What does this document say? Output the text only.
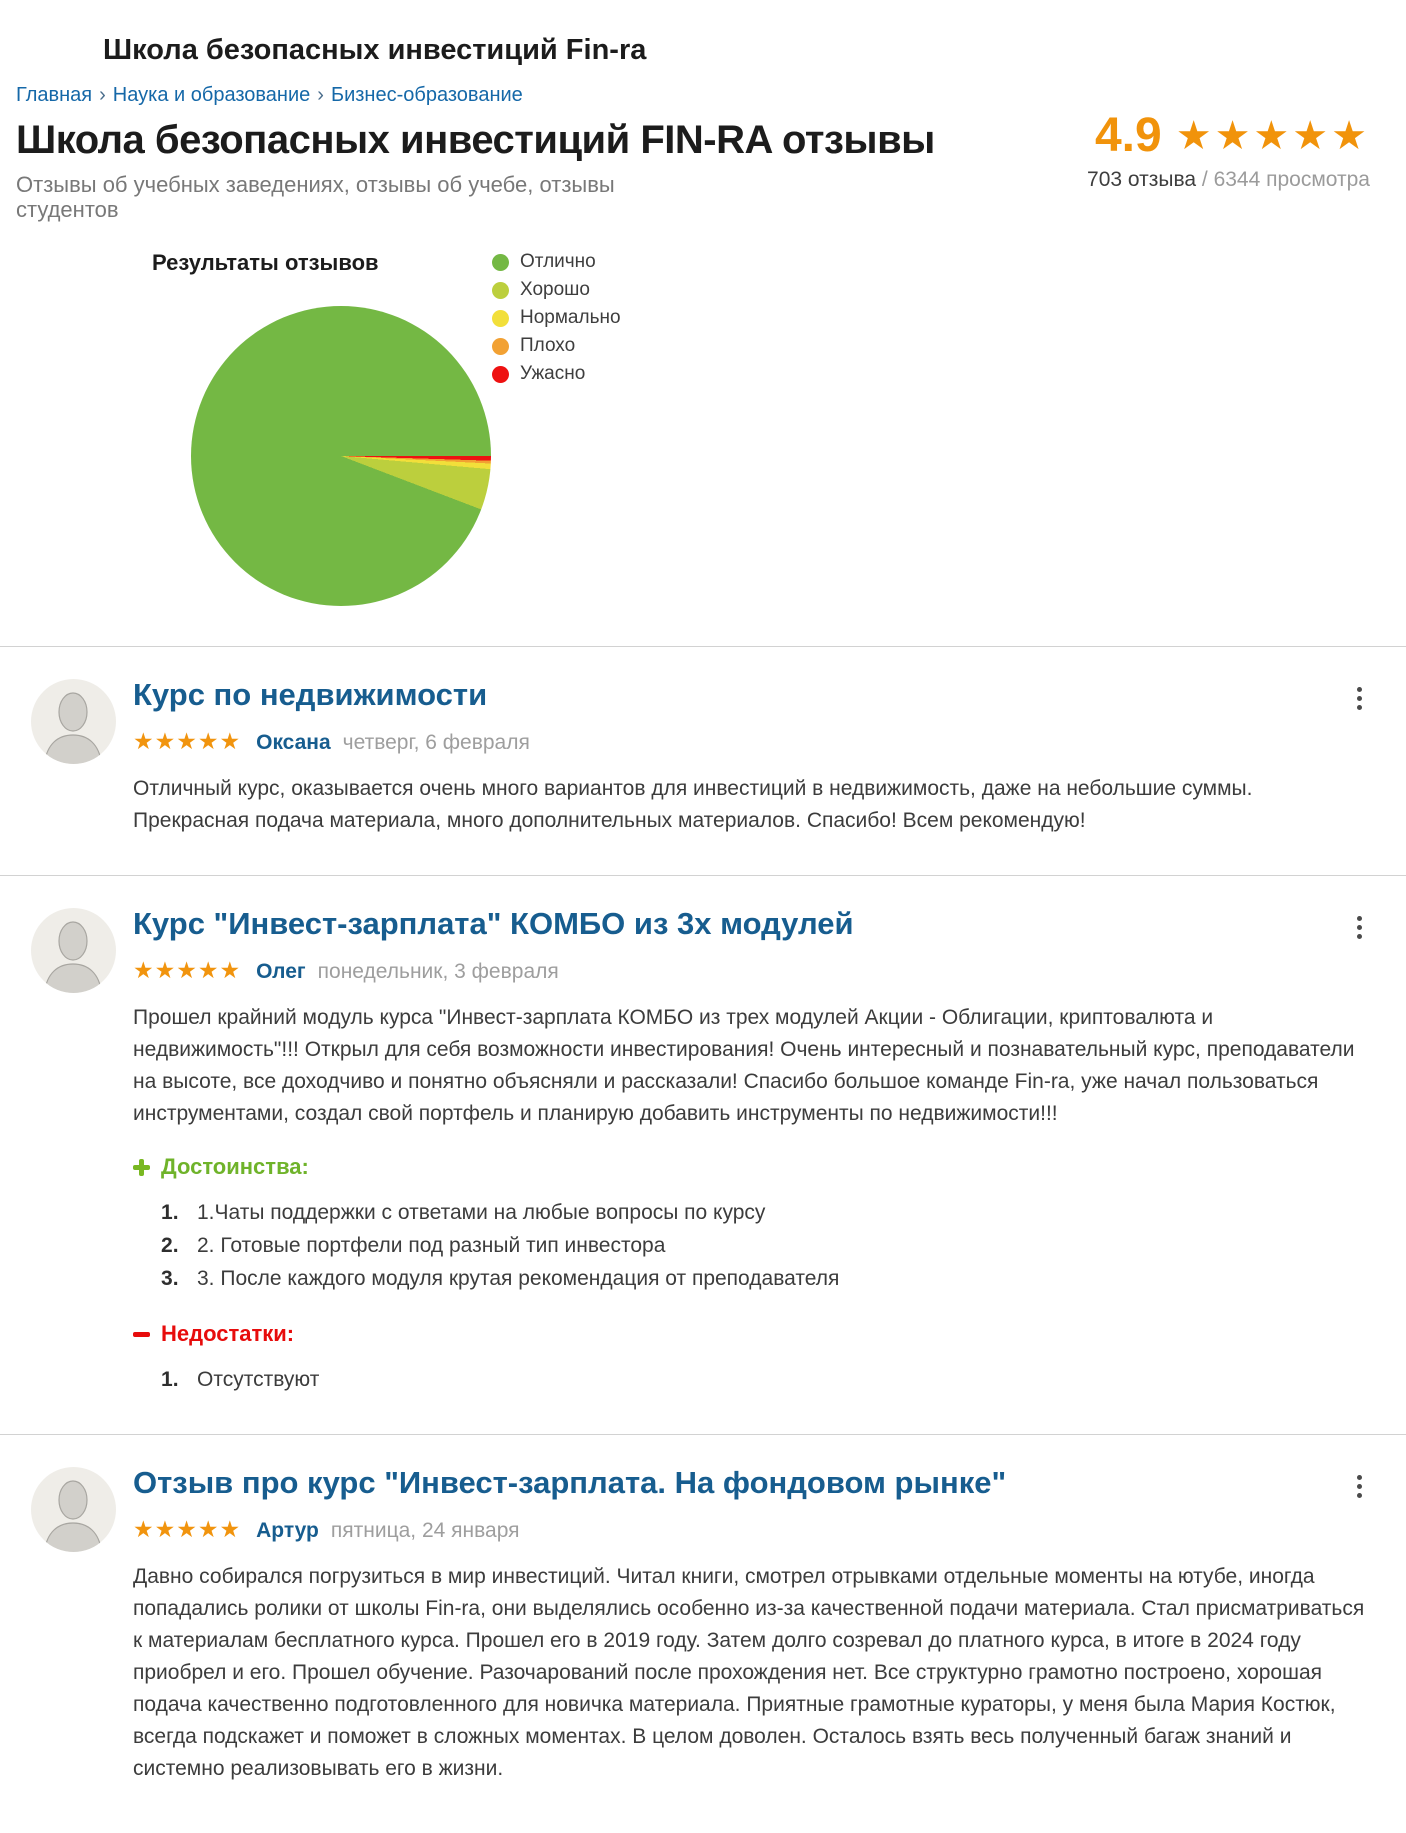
Школа безопасных инвестиций Fin-ra
Главная › Наука и образование › Бизнес-образование
Школа безопасных инвестиций FIN-RA отзывы
Отзывы об учебных заведениях, отзывы об учебе, отзывы студентов
4.9 ★★★★★
703 отзыва / 6344 просмотра
Результаты отзывов	Отлично
Хорошо
Нормально
Плохо
Ужасно
Курс по недвижимости
★★★★★ Оксана четверг, 6 февраля
Отличный курс, оказывается очень много вариантов для инвестиций в недвижимость, даже на небольшие суммы. Прекрасная подача материала, много дополнительных материалов. Спасибо! Всем рекомендую!
Курс "Инвест-зарплата" КОМБО из 3х модулей
★★★★★ Олег понедельник, 3 февраля
Прошел крайний модуль курса "Инвест-зарплата КОМБО из трех модулей Акции - Облигации, криптовалюта и недвижимость"!!! Открыл для себя возможности инвестирования! Очень интересный и познавательный курс, преподаватели на высоте, все доходчиво и понятно объясняли и рассказали! Спасибо большое команде Fin-ra, уже начал пользоваться инструментами, создал свой портфель и планирую добавить инструменты по недвижимости!!!
Достоинства:
1.Чаты поддержки с ответами на любые вопросы по курсу
2. Готовые портфели под разный тип инвестора
3. После каждого модуля крутая рекомендация от преподавателя
Недостатки:
Отсутствуют
Отзыв про курс "Инвест-зарплата. На фондовом рынке"
★★★★★ Артур пятница, 24 января
Давно собирался погрузиться в мир инвестиций. Читал книги, смотрел отрывками отдельные моменты на ютубе, иногда попадались ролики от школы Fin-ra, они выделялись особенно из-за качественной подачи материала. Стал присматриваться к материалам бесплатного курса. Прошел его в 2019 году. Затем долго созревал до платного курса, в итоге в 2024 году приобрел и его. Прошел обучение. Разочарований после прохождения нет. Все структурно грамотно построено, хорошая подача качественно подготовленного для новичка материала. Приятные грамотные кураторы, у меня была Мария Костюк, всегда подскажет и поможет в сложных моментах. В целом доволен. Осталось взять весь полученный багаж знаний и системно реализовывать его в жизни.
